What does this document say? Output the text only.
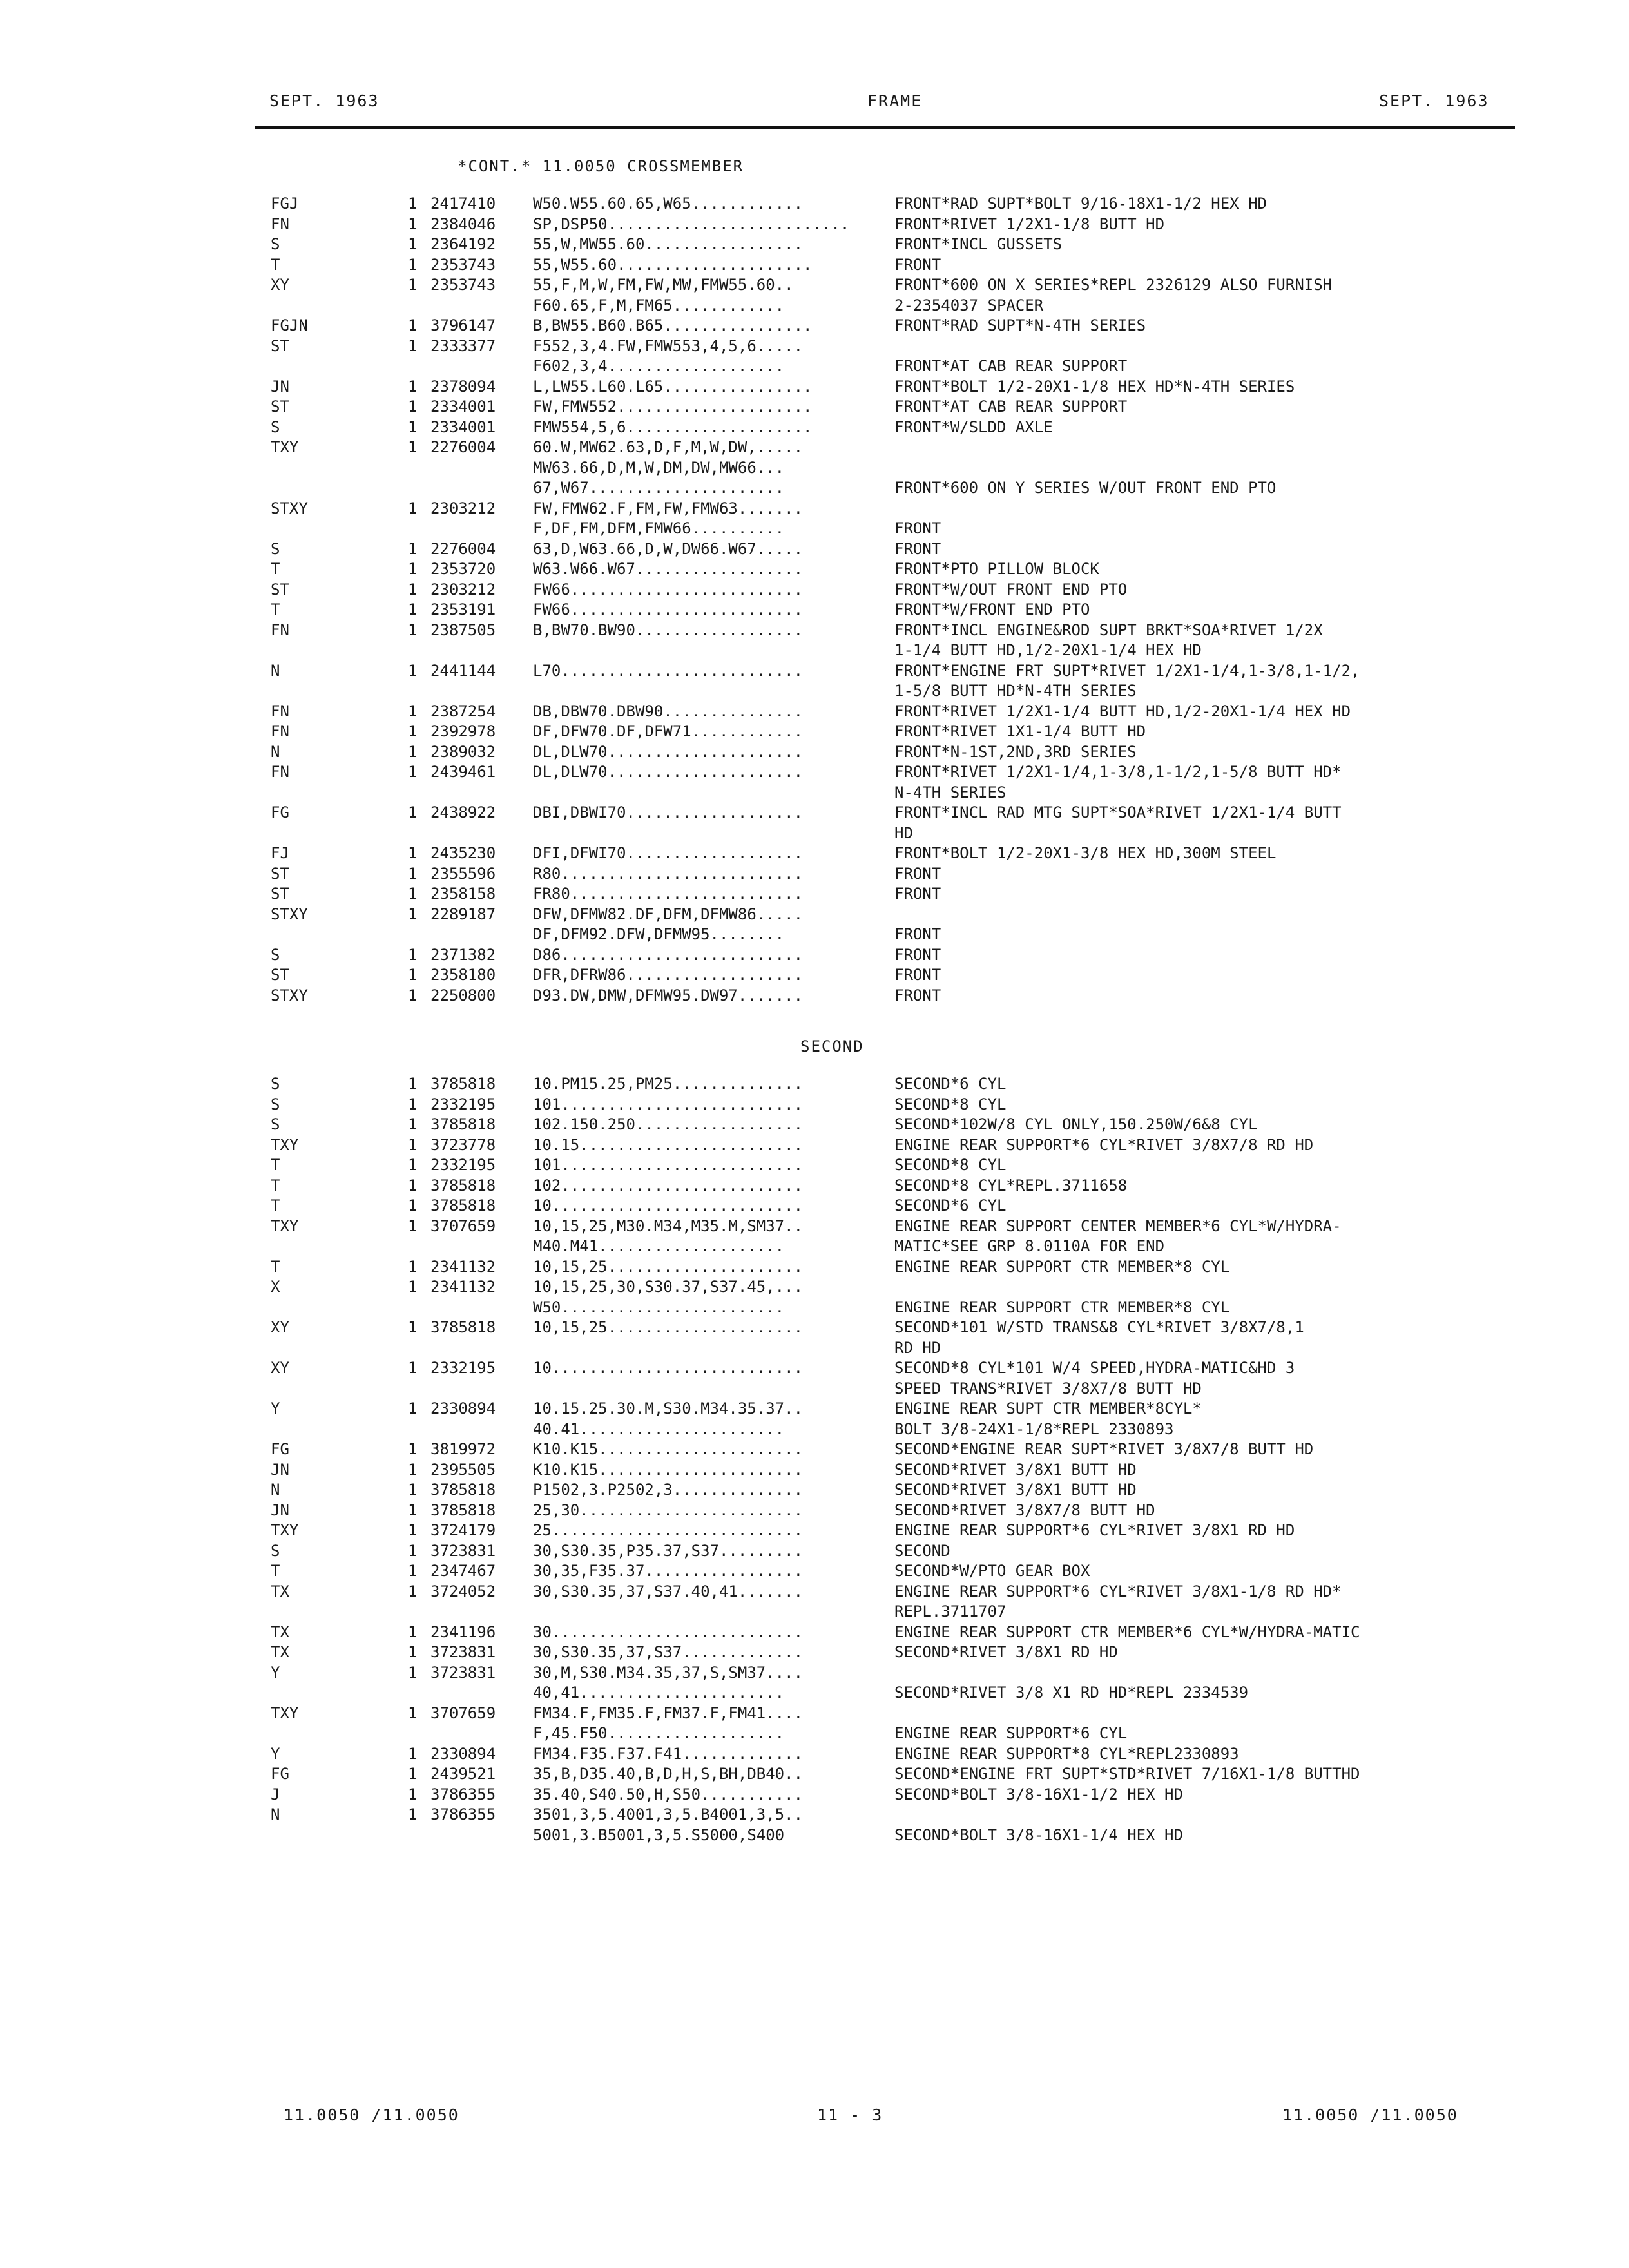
SEPT. 1963	FRAME	SEPT. 1963
*CONT.* 11.0050 CROSSMEMBER
FGJ	1 2417410 W50.W55.60.65,W65............	FRONT*RAD SUPT*BOLT 9/16-18X1-1/2 HEX HD
FN	1 2384046 SP,DSP50..........................	FRONT*RIVET 1/2X1-1/8 BUTT HD
S	1 2364192 55,W,MW55.60.................	FRONT*INCL GUSSETS
T	1 2353743 55,W55.60.....................	FRONT
XY	1 2353743 55,F,M,W,FM,FW,MW,FMW55.60..	FRONT*600 ON X SERIES*REPL 2326129 ALSO FURNISH
F60.65,F,M,FM65............	2-2354037 SPACER
FGJN	1 3796147 B,BW55.B60.B65................	FRONT*RAD SUPT*N-4TH SERIES
ST	1 2333377 F552,3,4.FW,FMW553,4,5,6.....
F602,3,4...................	FRONT*AT CAB REAR SUPPORT
JN	1 2378094 L,LW55.L60.L65................	FRONT*BOLT 1/2-20X1-1/8 HEX HD*N-4TH SERIES
ST	1 2334001 FW,FMW552.....................	FRONT*AT CAB REAR SUPPORT
S	1 2334001 FMW554,5,6....................	FRONT*W/SLDD AXLE
TXY	1 2276004 60.W,MW62.63,D,F,M,W,DW,.....
MW63.66,D,M,W,DM,DW,MW66...
67,W67.....................	FRONT*600 ON Y SERIES W/OUT FRONT END PTO
STXY	1 2303212 FW,FMW62.F,FM,FW,FMW63.......
F,DF,FM,DFM,FMW66..........	FRONT
S	1 2276004 63,D,W63.66,D,W,DW66.W67.....	FRONT
T	1 2353720 W63.W66.W67..................	FRONT*PTO PILLOW BLOCK
ST	1 2303212 FW66.........................	FRONT*W/OUT FRONT END PTO
T	1 2353191 FW66.........................	FRONT*W/FRONT END PTO
FN	1 2387505 B,BW70.BW90..................	FRONT*INCL ENGINE&ROD SUPT BRKT*SOA*RIVET 1/2X
1-1/4 BUTT HD,1/2-20X1-1/4 HEX HD
N	1 2441144 L70..........................	FRONT*ENGINE FRT SUPT*RIVET 1/2X1-1/4,1-3/8,1-1/2,
1-5/8 BUTT HD*N-4TH SERIES
FN	1 2387254 DB,DBW70.DBW90...............	FRONT*RIVET 1/2X1-1/4 BUTT HD,1/2-20X1-1/4 HEX HD
FN	1 2392978 DF,DFW70.DF,DFW71............	FRONT*RIVET 1X1-1/4 BUTT HD
N	1 2389032 DL,DLW70.....................	FRONT*N-1ST,2ND,3RD SERIES
FN	1 2439461 DL,DLW70.....................	FRONT*RIVET 1/2X1-1/4,1-3/8,1-1/2,1-5/8 BUTT HD*
N-4TH SERIES
FG	1 2438922 DBI,DBWI70...................	FRONT*INCL RAD MTG SUPT*SOA*RIVET 1/2X1-1/4 BUTT
HD
FJ	1 2435230 DFI,DFWI70...................	FRONT*BOLT 1/2-20X1-3/8 HEX HD,300M STEEL
ST	1 2355596 R80..........................	FRONT
ST	1 2358158 FR80.........................	FRONT
STXY	1 2289187 DFW,DFMW82.DF,DFM,DFMW86.....
DF,DFM92.DFW,DFMW95........	FRONT
S	1 2371382 D86..........................	FRONT
ST	1 2358180 DFR,DFRW86...................	FRONT
STXY	1 2250800 D93.DW,DMW,DFMW95.DW97.......	FRONT
SECOND
S	1 3785818 10.PM15.25,PM25..............	SECOND*6 CYL
S	1 2332195 101..........................	SECOND*8 CYL
S	1 3785818 102.150.250..................	SECOND*102W/8 CYL ONLY,150.250W/6&8 CYL
TXY	1 3723778 10.15........................	ENGINE REAR SUPPORT*6 CYL*RIVET 3/8X7/8 RD HD
T	1 2332195 101..........................	SECOND*8 CYL
T	1 3785818 102..........................	SECOND*8 CYL*REPL.3711658
T	1 3785818 10...........................	SECOND*6 CYL
TXY	1 3707659 10,15,25,M30.M34,M35.M,SM37..	ENGINE REAR SUPPORT CENTER MEMBER*6 CYL*W/HYDRA-
M40.M41....................	MATIC*SEE GRP 8.0110A FOR END
T	1 2341132 10,15,25.....................	ENGINE REAR SUPPORT CTR MEMBER*8 CYL
X	1 2341132 10,15,25,30,S30.37,S37.45,...
W50........................	ENGINE REAR SUPPORT CTR MEMBER*8 CYL
XY	1 3785818 10,15,25.....................	SECOND*101 W/STD TRANS&8 CYL*RIVET 3/8X7/8,1
RD HD
XY	1 2332195 10...........................	SECOND*8 CYL*101 W/4 SPEED,HYDRA-MATIC&HD 3
SPEED TRANS*RIVET 3/8X7/8 BUTT HD
Y	1 2330894 10.15.25.30.M,S30.M34.35.37..	ENGINE REAR SUPT CTR MEMBER*8CYL*
40.41......................	BOLT 3/8-24X1-1/8*REPL 2330893
FG	1 3819972 K10.K15......................	SECOND*ENGINE REAR SUPT*RIVET 3/8X7/8 BUTT HD
JN	1 2395505 K10.K15......................	SECOND*RIVET 3/8X1 BUTT HD
N	1 3785818 P1502,3.P2502,3..............	SECOND*RIVET 3/8X1 BUTT HD
JN	1 3785818 25,30........................	SECOND*RIVET 3/8X7/8 BUTT HD
TXY	1 3724179 25...........................	ENGINE REAR SUPPORT*6 CYL*RIVET 3/8X1 RD HD
S	1 3723831 30,S30.35,P35.37,S37.........	SECOND
T	1 2347467 30,35,F35.37.................	SECOND*W/PTO GEAR BOX
TX	1 3724052 30,S30.35,37,S37.40,41.......	ENGINE REAR SUPPORT*6 CYL*RIVET 3/8X1-1/8 RD HD*
REPL.3711707
TX	1 2341196 30...........................	ENGINE REAR SUPPORT CTR MEMBER*6 CYL*W/HYDRA-MATIC
TX	1 3723831 30,S30.35,37,S37.............	SECOND*RIVET 3/8X1 RD HD
Y	1 3723831 30,M,S30.M34.35,37,S,SM37....
40,41......................	SECOND*RIVET 3/8 X1 RD HD*REPL 2334539
TXY	1 3707659 FM34.F,FM35.F,FM37.F,FM41....
F,45.F50...................	ENGINE REAR SUPPORT*6 CYL
Y	1 2330894 FM34.F35.F37.F41.............	ENGINE REAR SUPPORT*8 CYL*REPL2330893
FG	1 2439521 35,B,D35.40,B,D,H,S,BH,DB40..	SECOND*ENGINE FRT SUPT*STD*RIVET 7/16X1-1/8 BUTTHD
J	1 3786355 35.40,S40.50,H,S50...........	SECOND*BOLT 3/8-16X1-1/2 HEX HD
N	1 3786355 3501,3,5.4001,3,5.B4001,3,5..
5001,3.B5001,3,5.S5000,S400	SECOND*BOLT 3/8-16X1-1/4 HEX HD
11.0050 /11.0050	11 - 3	11.0050 /11.0050
